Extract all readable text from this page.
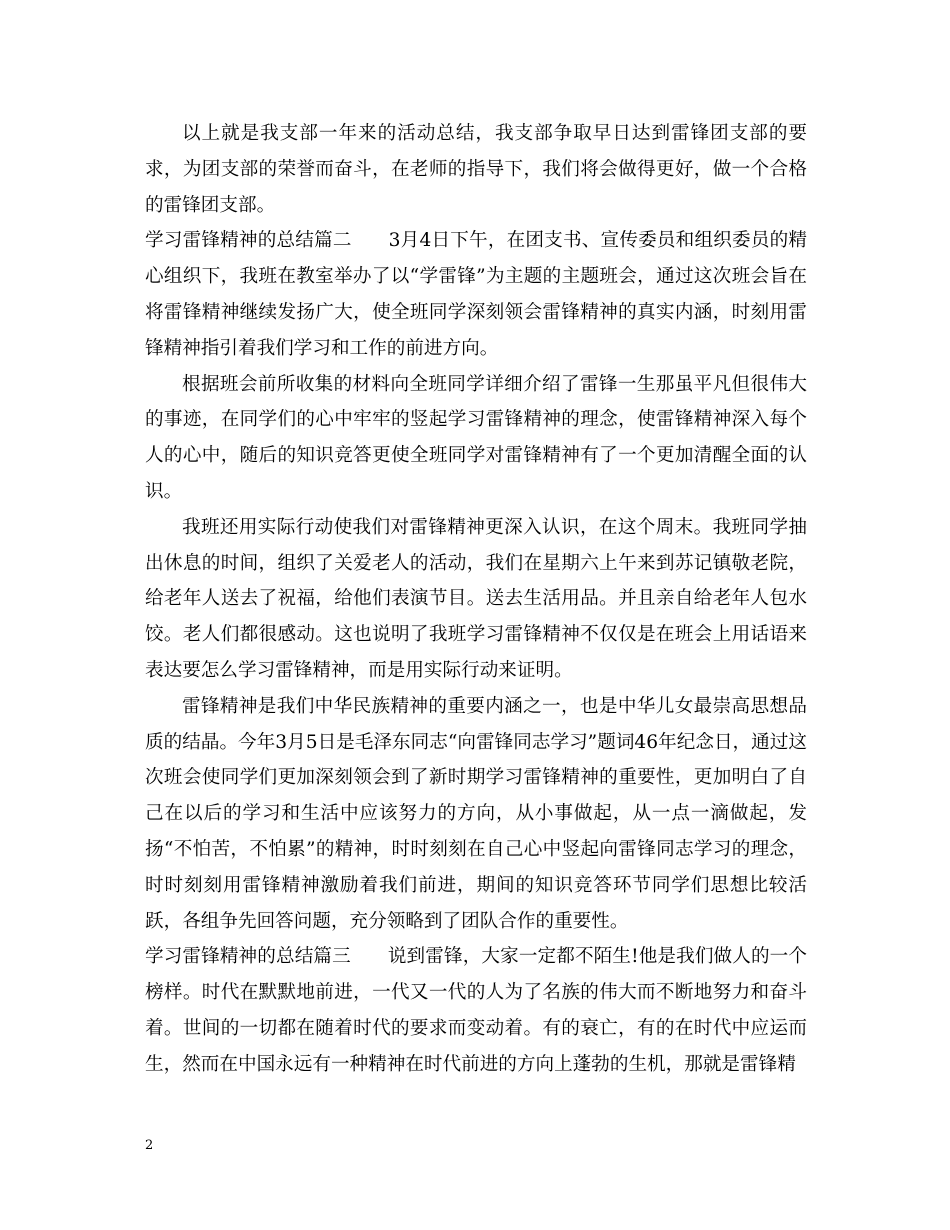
以上就是我支部一年来的活动总结，我支部争取早日达到雷锋团支部的要求，为团支部的荣誉而奋斗，在老师的指导下，我们将会做得更好，做一个合格的雷锋团支部。

学习雷锋精神的总结篇二 3月4日下午，在团支书、宣传委员和组织委员的精心组织下，我班在教室举办了以“学雷锋”为主题的主题班会，通过这次班会旨在将雷锋精神继续发扬广大，使全班同学深刻领会雷锋精神的真实内涵，时刻用雷锋精神指引着我们学习和工作的前进方向。

根据班会前所收集的材料向全班同学详细介绍了雷锋一生那虽平凡但很伟大的事迹，在同学们的心中牢牢的竖起学习雷锋精神的理念，使雷锋精神深入每个人的心中，随后的知识竞答更使全班同学对雷锋精神有了一个更加清醒全面的认识。

我班还用实际行动使我们对雷锋精神更深入认识，在这个周末。我班同学抽出休息的时间，组织了关爱老人的活动，我们在星期六上午来到苏记镇敬老院，给老年人送去了祝福，给他们表演节目。送去生活用品。并且亲自给老年人包水饺。老人们都很感动。这也说明了我班学习雷锋精神不仅仅是在班会上用话语来表达要怎么学习雷锋精神，而是用实际行动来证明。

雷锋精神是我们中华民族精神的重要内涵之一，也是中华儿女最崇高思想品质的结晶。今年3月5日是毛泽东同志“向雷锋同志学习”题词46年纪念日，通过这次班会使同学们更加深刻领会到了新时期学习雷锋精神的重要性，更加明白了自己在以后的学习和生活中应该努力的方向，从小事做起，从一点一滴做起，发扬“不怕苦，不怕累”的精神，时时刻刻在自己心中竖起向雷锋同志学习的理念，时时刻刻用雷锋精神激励着我们前进，期间的知识竞答环节同学们思想比较活跃，各组争先回答问题，充分领略到了团队合作的重要性。

学习雷锋精神的总结篇三 说到雷锋，大家一定都不陌生!他是我们做人的一个榜样。时代在默默地前进，一代又一代的人为了名族的伟大而不断地努力和奋斗着。世间的一切都在随着时代的要求而变动着。有的衰亡，有的在时代中应运而生，然而在中国永远有一种精神在时代前进的方向上蓬勃的生机，那就是雷锋精

2
